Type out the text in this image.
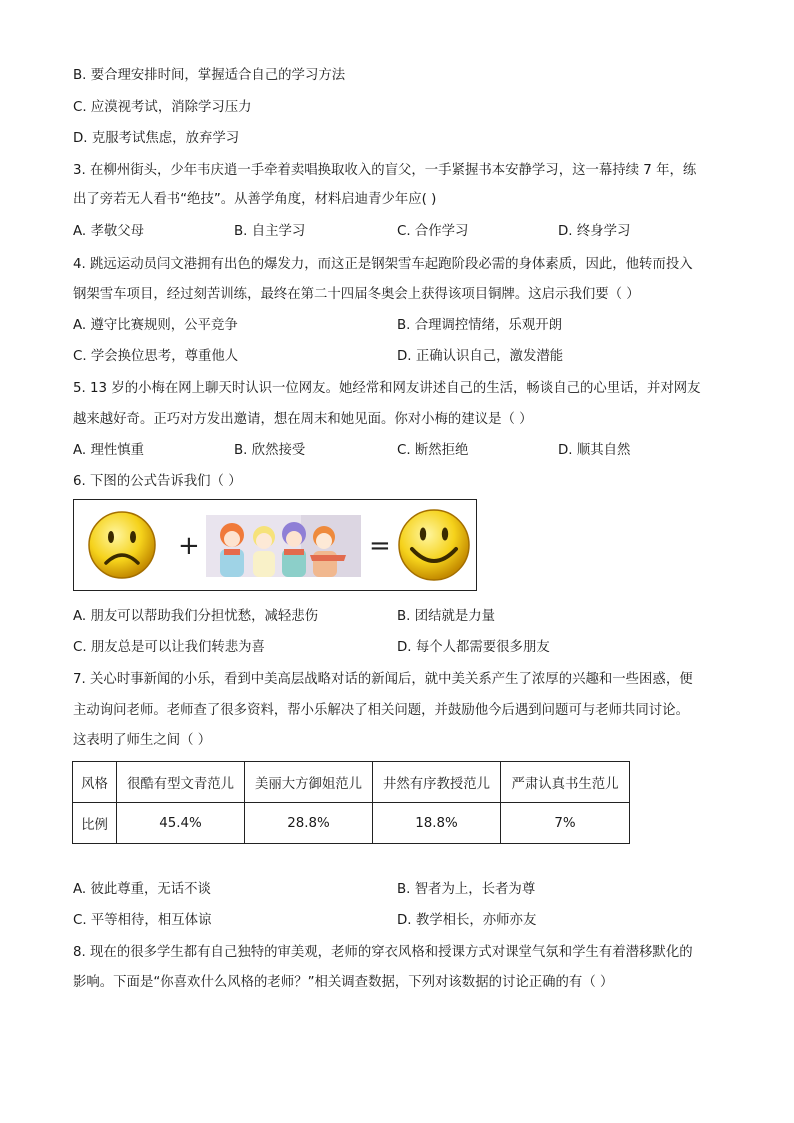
B. 要合理安排时间，掌握适合自己的学习方法
C. 应漠视考试，消除学习压力
D. 克服考试焦虑，放弃学习
3. 在柳州街头，少年韦庆逍一手牵着卖唱换取收入的盲父，一手紧握书本安静学习，这一幕持续 7 年，练
出了旁若无人看书“绝技”。从善学角度，材料启迪青少年应( )
A. 孝敬父母	B. 自主学习	C. 合作学习	D. 终身学习
4. 跳远运动员闫文港拥有出色的爆发力，而这正是钢架雪车起跑阶段必需的身体素质，因此，他转而投入
钢架雪车项目，经过刻苦训练，最终在第二十四届冬奥会上获得该项目铜牌。这启示我们要（ ）
A. 遵守比赛规则，公平竞争	B. 合理调控情绪，乐观开朗
C. 学会换位思考，尊重他人	D. 正确认识自己，激发潜能
5. 13 岁的小梅在网上聊天时认识一位网友。她经常和网友讲述自己的生活，畅谈自己的心里话，并对网友
越来越好奇。正巧对方发出邀请，想在周末和她见面。你对小梅的建议是（ ）
A. 理性慎重	B. 欣然接受	C. 断然拒绝	D. 顺其自然
6. 下图的公式告诉我们（ ）
+	=
A. 朋友可以帮助我们分担忧愁，减轻悲伤	B. 团结就是力量
C. 朋友总是可以让我们转悲为喜	D. 每个人都需要很多朋友
7. 关心时事新闻的小乐，看到中美高层战略对话的新闻后，就中美关系产生了浓厚的兴趣和一些困惑，便
主动询问老师。老师查了很多资料，帮小乐解决了相关问题，并鼓励他今后遇到问题可与老师共同讨论。
这表明了师生之间（ ）
风格	很酷有型文青范儿	美丽大方御姐范儿	井然有序教授范儿	严肃认真书生范儿
比例	45.4%	28.8%	18.8%	7%
A. 彼此尊重，无话不谈	B. 智者为上，长者为尊
C. 平等相待，相互体谅	D. 教学相长，亦师亦友
8. 现在的很多学生都有自己独特的审美观，老师的穿衣风格和授课方式对课堂气氛和学生有着潜移默化的
影响。下面是“你喜欢什么风格的老师？”相关调查数据，下列对该数据的讨论正确的有（ ）
